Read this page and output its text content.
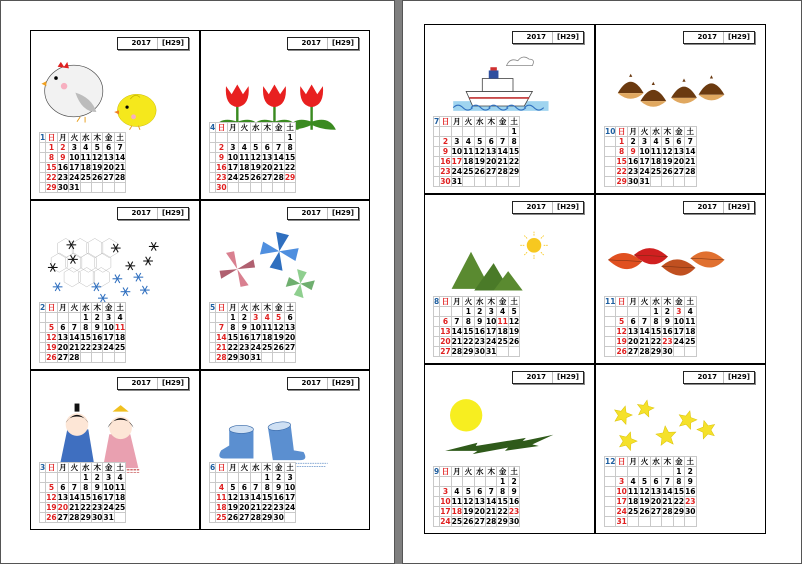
2017	[H29]
1	日	月	火	水	木	金	土
	1	2	3	4	5	6	7
	8	9	10	11	12	13	14
	15	16	17	18	19	20	21
	22	23	24	25	26	27	28
	29	30	31				
2017	[H29]
4	日	月	火	水	木	金	土
							1
	2	3	4	5	6	7	8
	9	10	11	12	13	14	15
	16	17	18	19	20	21	22
	23	24	25	26	27	28	29
	30						
2017	[H29]
2	日	月	火	水	木	金	土
				1	2	3	4
	5	6	7	8	9	10	11
	12	13	14	15	16	17	18
	19	20	21	22	23	24	25
	26	27	28				
2017	[H29]
5	日	月	火	水	木	金	土
		1	2	3	4	5	6
	7	8	9	10	11	12	13
	14	15	16	17	18	19	20
	21	22	23	24	25	26	27
	28	29	30	31			
2017	[H29]
3	日	月	火	水	木	金	土
				1	2	3	4
	5	6	7	8	9	10	11
	12	13	14	15	16	17	18
	19	20	21	22	23	24	25
	26	27	28	29	30	31	
2017	[H29]
6	日	月	火	水	木	金	土
					1	2	3
	4	5	6	7	8	9	10
	11	12	13	14	15	16	17
	18	19	20	21	22	23	24
	25	26	27	28	29	30	
2017	[H29]
7	日	月	火	水	木	金	土
							1
	2	3	4	5	6	7	8
	9	10	11	12	13	14	15
	16	17	18	19	20	21	22
	23	24	25	26	27	28	29
	30	31					
2017	[H29]
10	日	月	火	水	木	金	土
	1	2	3	4	5	6	7
	8	9	10	11	12	13	14
	15	16	17	18	19	20	21
	22	23	24	25	26	27	28
	29	30	31				
2017	[H29]
8	日	月	火	水	木	金	土
			1	2	3	4	5
	6	7	8	9	10	11	12
	13	14	15	16	17	18	19
	20	21	22	23	24	25	26
	27	28	29	30	31		
2017	[H29]
11	日	月	火	水	木	金	土
				1	2	3	4
	5	6	7	8	9	10	11
	12	13	14	15	16	17	18
	19	20	21	22	23	24	25
	26	27	28	29	30		
2017	[H29]
9	日	月	火	水	木	金	土
						1	2
	3	4	5	6	7	8	9
	10	11	12	13	14	15	16
	17	18	19	20	21	22	23
	24	25	26	27	28	29	30
2017	[H29]
12	日	月	火	水	木	金	土
						1	2
	3	4	5	6	7	8	9
	10	11	12	13	14	15	16
	17	18	19	20	21	22	23
	24	25	26	27	28	29	30
	31						
